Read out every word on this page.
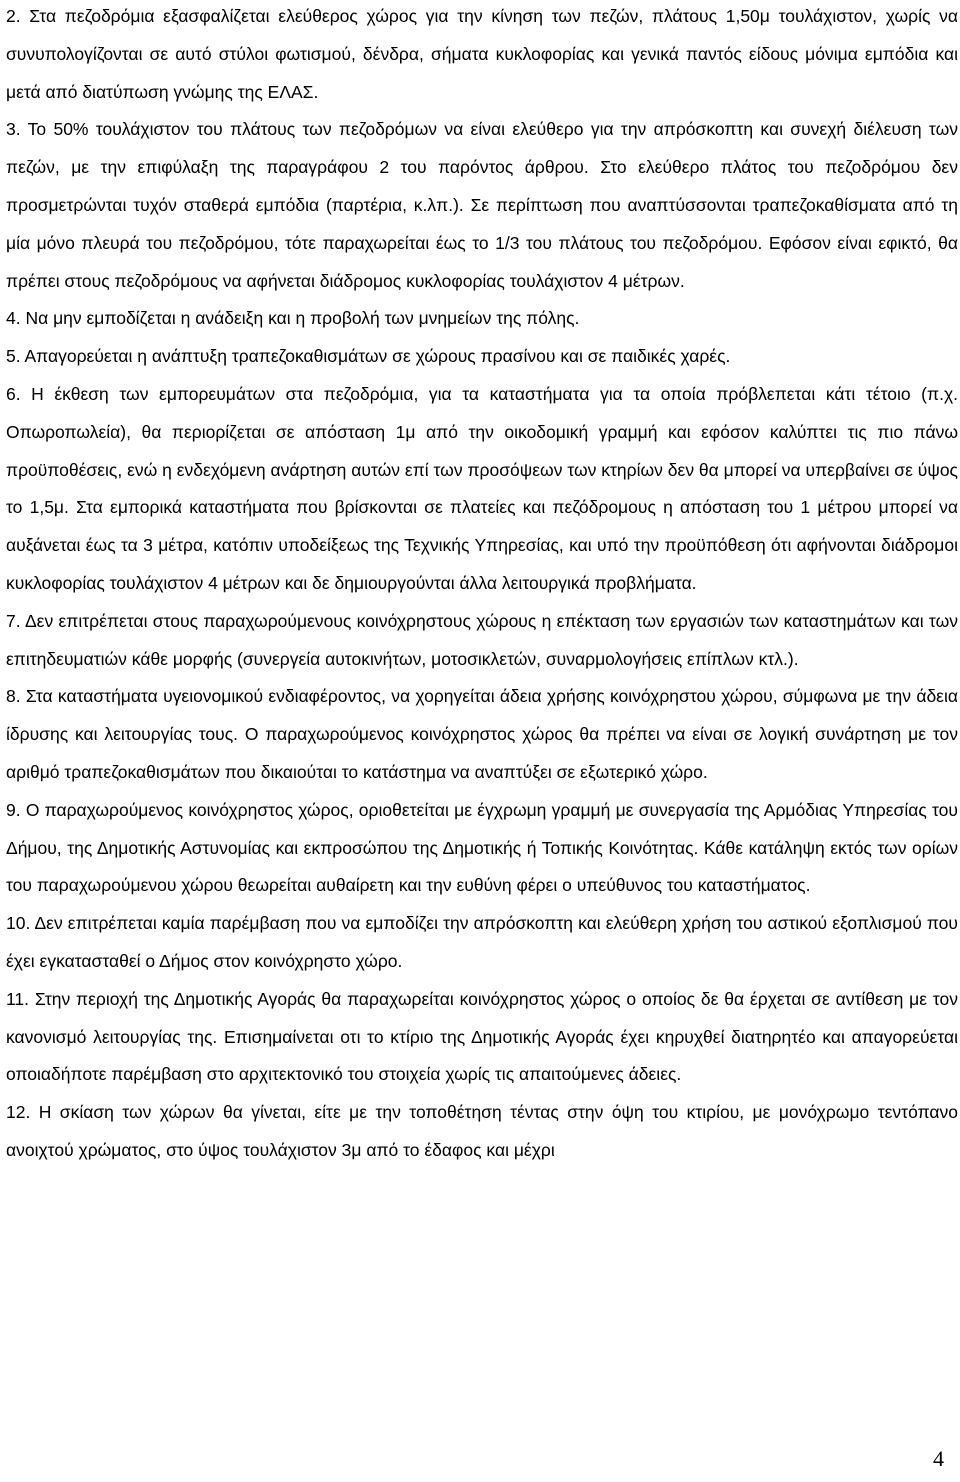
2. Στα πεζοδρόμια εξασφαλίζεται ελεύθερος χώρος για την κίνηση των πεζών, πλάτους 1,50μ τουλάχιστον, χωρίς να συνυπολογίζονται σε αυτό στύλοι φωτισμού, δένδρα, σήματα κυκλοφορίας και γενικά παντός είδους μόνιμα εμπόδια και μετά από διατύπωση γνώμης της ΕΛΑΣ.

3. Το 50% τουλάχιστον του πλάτους των πεζοδρόμων να είναι ελεύθερο για την απρόσκοπτη και συνεχή διέλευση των πεζών, με την επιφύλαξη της παραγράφου 2 του παρόντος άρθρου. Στο ελεύθερο πλάτος του πεζοδρόμου δεν προσμετρώνται τυχόν σταθερά εμπόδια (παρτέρια, κ.λπ.). Σε περίπτωση που αναπτύσσονται τραπεζοκαθίσματα από τη μία μόνο πλευρά του πεζοδρόμου, τότε παραχωρείται έως το 1/3 του πλάτους του πεζοδρόμου. Εφόσον είναι εφικτό, θα πρέπει στους πεζοδρόμους να αφήνεται διάδρομος κυκλοφορίας τουλάχιστον 4 μέτρων.

4. Να μην εμποδίζεται η ανάδειξη και η προβολή των μνημείων της πόλης.

5. Απαγορεύεται η ανάπτυξη τραπεζοκαθισμάτων σε χώρους πρασίνου και σε παιδικές χαρές.

6. Η έκθεση των εμπορευμάτων στα πεζοδρόμια, για τα καταστήματα για τα οποία πρόβλεπεται κάτι τέτοιο (π.χ. Οπωροπωλεία), θα περιορίζεται σε απόσταση 1μ από την οικοδομική γραμμή και εφόσον καλύπτει τις πιο πάνω προϋποθέσεις, ενώ η ενδεχόμενη ανάρτηση αυτών επί των προσόψεων των κτηρίων δεν θα μπορεί να υπερβαίνει σε ύψος το 1,5μ. Στα εμπορικά καταστήματα που βρίσκονται σε πλατείες και πεζόδρομους η απόσταση του 1 μέτρου μπορεί να αυξάνεται έως τα 3 μέτρα, κατόπιν υποδείξεως της Τεχνικής Υπηρεσίας, και υπό την προϋπόθεση ότι αφήνονται διάδρομοι κυκλοφορίας τουλάχιστον 4 μέτρων και δε δημιουργούνται άλλα λειτουργικά προβλήματα.

7. Δεν επιτρέπεται στους παραχωρούμενους κοινόχρηστους χώρους η επέκταση των εργασιών των καταστημάτων και των επιτηδευματιών κάθε μορφής (συνεργεία αυτοκινήτων, μοτοσικλετών, συναρμολογήσεις επίπλων κτλ.).

8. Στα καταστήματα υγειονομικού ενδιαφέροντος, να χορηγείται άδεια χρήσης κοινόχρηστου χώρου, σύμφωνα με την άδεια ίδρυσης και λειτουργίας τους. Ο παραχωρούμενος κοινόχρηστος χώρος θα πρέπει να είναι σε λογική συνάρτηση με τον αριθμό τραπεζοκαθισμάτων που δικαιούται το κατάστημα να αναπτύξει σε εξωτερικό χώρο.

9. Ο παραχωρούμενος κοινόχρηστος χώρος, οριοθετείται με έγχρωμη γραμμή με συνεργασία της Αρμόδιας Υπηρεσίας του Δήμου, της Δημοτικής Αστυνομίας και εκπροσώπου της Δημοτικής ή Τοπικής Κοινότητας. Κάθε κατάληψη εκτός των ορίων του παραχωρούμενου χώρου θεωρείται αυθαίρετη και την ευθύνη φέρει ο υπεύθυνος του καταστήματος.

10. Δεν επιτρέπεται καμία παρέμβαση που να εμποδίζει την απρόσκοπτη και ελεύθερη χρήση του αστικού εξοπλισμού που έχει εγκατασταθεί ο Δήμος στον κοινόχρηστο χώρο.

11. Στην περιοχή της Δημοτικής Αγοράς θα παραχωρείται κοινόχρηστος χώρος ο οποίος δε θα έρχεται σε αντίθεση με τον κανονισμό λειτουργίας της. Επισημαίνεται οτι το κτίριο της Δημοτικής Αγοράς έχει κηρυχθεί διατηρητέο και απαγορεύεται οποιαδήποτε παρέμβαση στο αρχιτεκτονικό του στοιχεία χωρίς τις απαιτούμενες άδειες.

12. Η σκίαση των χώρων θα γίνεται, είτε με την τοποθέτηση τέντας στην όψη του κτιρίου, με μονόχρωμο τεντόπανο ανοιχτού χρώματος, στο ύψος τουλάχιστον 3μ από το έδαφος και μέχρι

4
